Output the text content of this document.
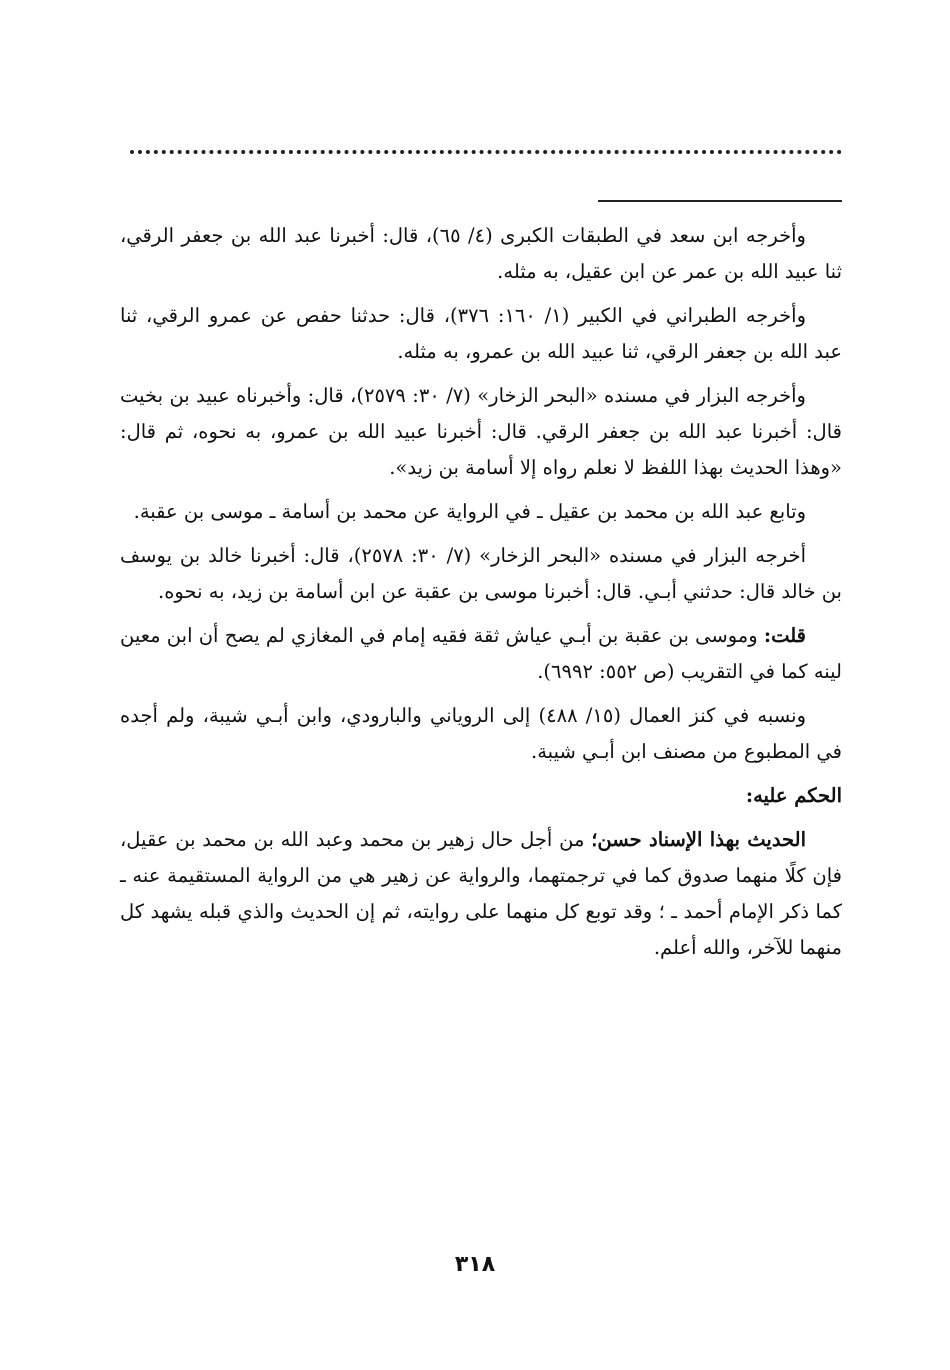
وأخرجه ابن سعد في الطبقات الكبرى (٤/ ٦٥)، قال: أخبرنا عبد الله بن جعفر الرقي، ثنا عبيد الله بن عمر عن ابن عقيل، به مثله.

وأخرجه الطبراني في الكبير (١/ ١٦٠: ٣٧٦)، قال: حدثنا حفص عن عمرو الرقي، ثنا عبد الله بن جعفر الرقي، ثنا عبيد الله بن عمرو، به مثله.

وأخرجه البزار في مسنده «البحر الزخار» (٧/ ٣٠: ٢٥٧٩)، قال: وأخبرناه عبيد بن بخيت قال: أخبرنا عبد الله بن جعفر الرقي. قال: أخبرنا عبيد الله بن عمرو، به نحوه، ثم قال: «وهذا الحديث بهذا اللفظ لا نعلم رواه إلا أسامة بن زيد».

وتابع عبد الله بن محمد بن عقيل ـ في الرواية عن محمد بن أسامة ـ موسى بن عقبة.

أخرجه البزار في مسنده «البحر الزخار» (٧/ ٣٠: ٢٥٧٨)، قال: أخبرنا خالد بن يوسف بن خالد قال: حدثني أبـي. قال: أخبرنا موسى بن عقبة عن ابن أسامة بن زيد، به نحوه.

قلت: وموسى بن عقبة بن أبـي عياش ثقة فقيه إمام في المغازي لم يصح أن ابن معين لينه كما في التقريب (ص ٥٥٢: ٦٩٩٢).

ونسبه في كنز العمال (١٥/ ٤٨٨) إلى الروياني والبارودي، وابن أبـي شيبة، ولم أجده في المطبوع من مصنف ابن أبـي شيبة.

الحكم عليه:

الحديث بهذا الإسناد حسن؛ من أجل حال زهير بن محمد وعبد الله بن محمد بن عقيل، فإن كلًا منهما صدوق كما في ترجمتهما، والرواية عن زهير هي من الرواية المستقيمة عنه ـ كما ذكر الإمام أحمد ـ ؛ وقد توبع كل منهما على روايته، ثم إن الحديث والذي قبله يشهد كل منهما للآخر، والله أعلم.

٣١٨
